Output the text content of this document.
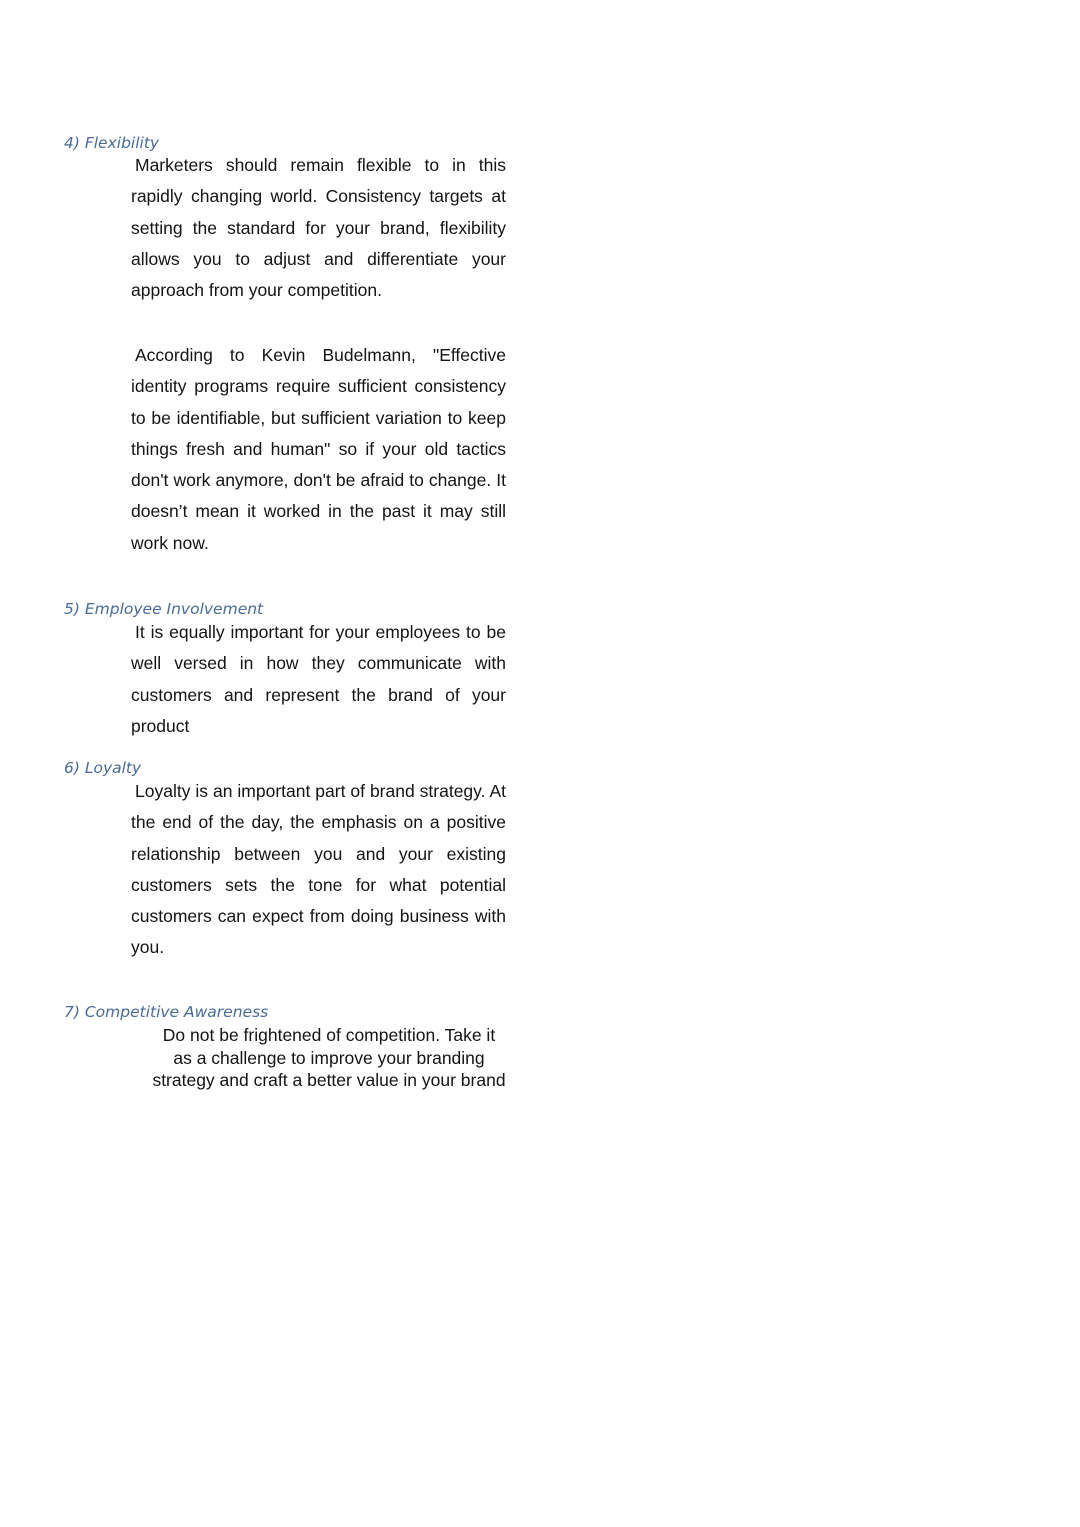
4) Flexibility

Marketers should remain flexible to in this rapidly changing world. Consistency targets at setting the standard for your brand, flexibility allows you to adjust and differentiate your approach from your competition.

According to Kevin Budelmann, "Effective identity programs require sufficient consistency to be identifiable, but sufficient variation to keep things fresh and human" so if your old tactics don't work anymore, don't be afraid to change. It doesn’t mean it worked in the past it may still work now.

5) Employee Involvement

It is equally important for your employees to be well versed in how they communicate with customers and represent the brand of your product

6) Loyalty

Loyalty is an important part of brand strategy. At the end of the day, the emphasis on a positive relationship between you and your existing customers sets the tone for what potential customers can expect from doing business with you.

7) Competitive Awareness

Do not be frightened of competition. Take it as a challenge to improve your branding strategy and craft a better value in your brand
